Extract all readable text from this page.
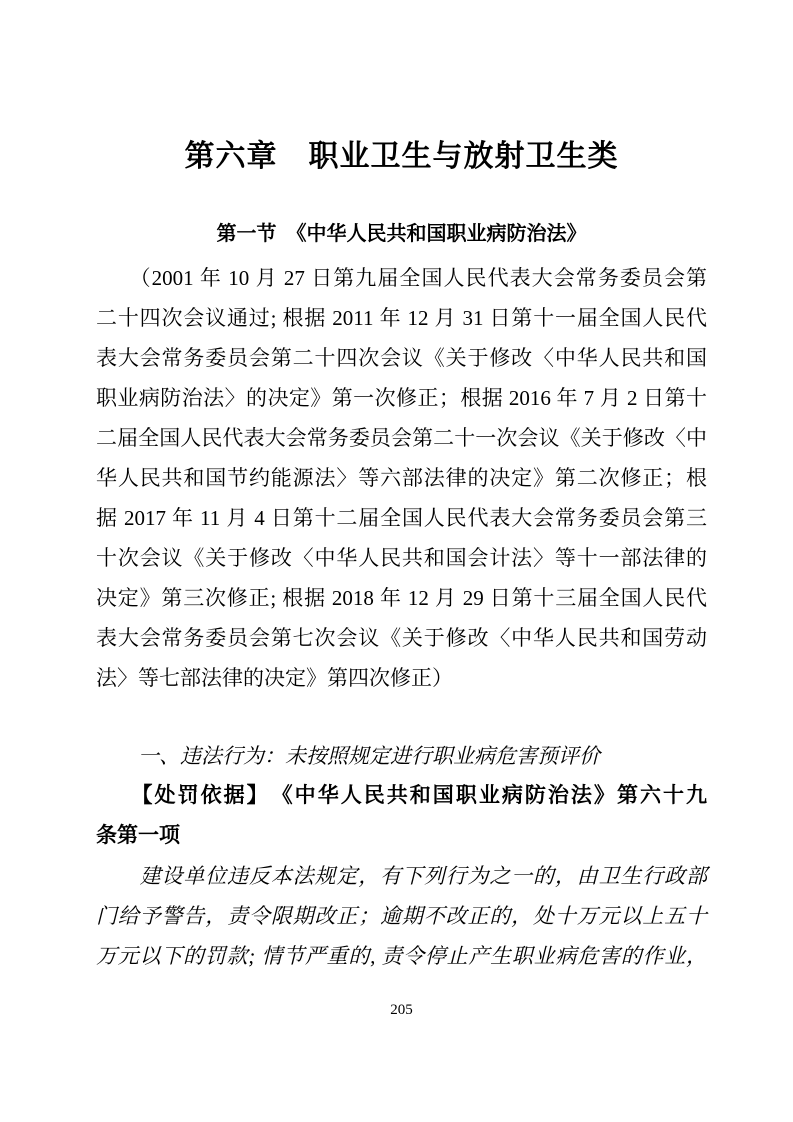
第六章　职业卫生与放射卫生类
第一节　《中华人民共和国职业病防治法》
　　（2001 年 10 月 27 日第九届全国人民代表大会常务委员会第
二十四次会议通过; 根据 2011 年 12 月 31 日第十一届全国人民代
表大会常务委员会第二十四次会议《关于修改〈中华人民共和国
职业病防治法〉的决定》第一次修正；根据 2016 年 7 月 2 日第十
二届全国人民代表大会常务委员会第二十一次会议《关于修改〈中
华人民共和国节约能源法〉等六部法律的决定》第二次修正；根
据 2017 年 11 月 4 日第十二届全国人民代表大会常务委员会第三
十次会议《关于修改〈中华人民共和国会计法〉等十一部法律的
决定》第三次修正; 根据 2018 年 12 月 29 日第十三届全国人民代
表大会常务委员会第七次会议《关于修改〈中华人民共和国劳动
法〉等七部法律的决定》第四次修正）
　　一、违法行为：未按照规定进行职业病危害预评价
　　【处罚依据】　《中华人民共和国职业病防治法》第六十九
条第一项
　　建设单位违反本法规定，有下列行为之一的，由卫生行政部
门给予警告，责令限期改正；逾期不改正的，处十万元以上五十
万元以下的罚款; 情节严重的, 责令停止产生职业病危害的作业，
205
